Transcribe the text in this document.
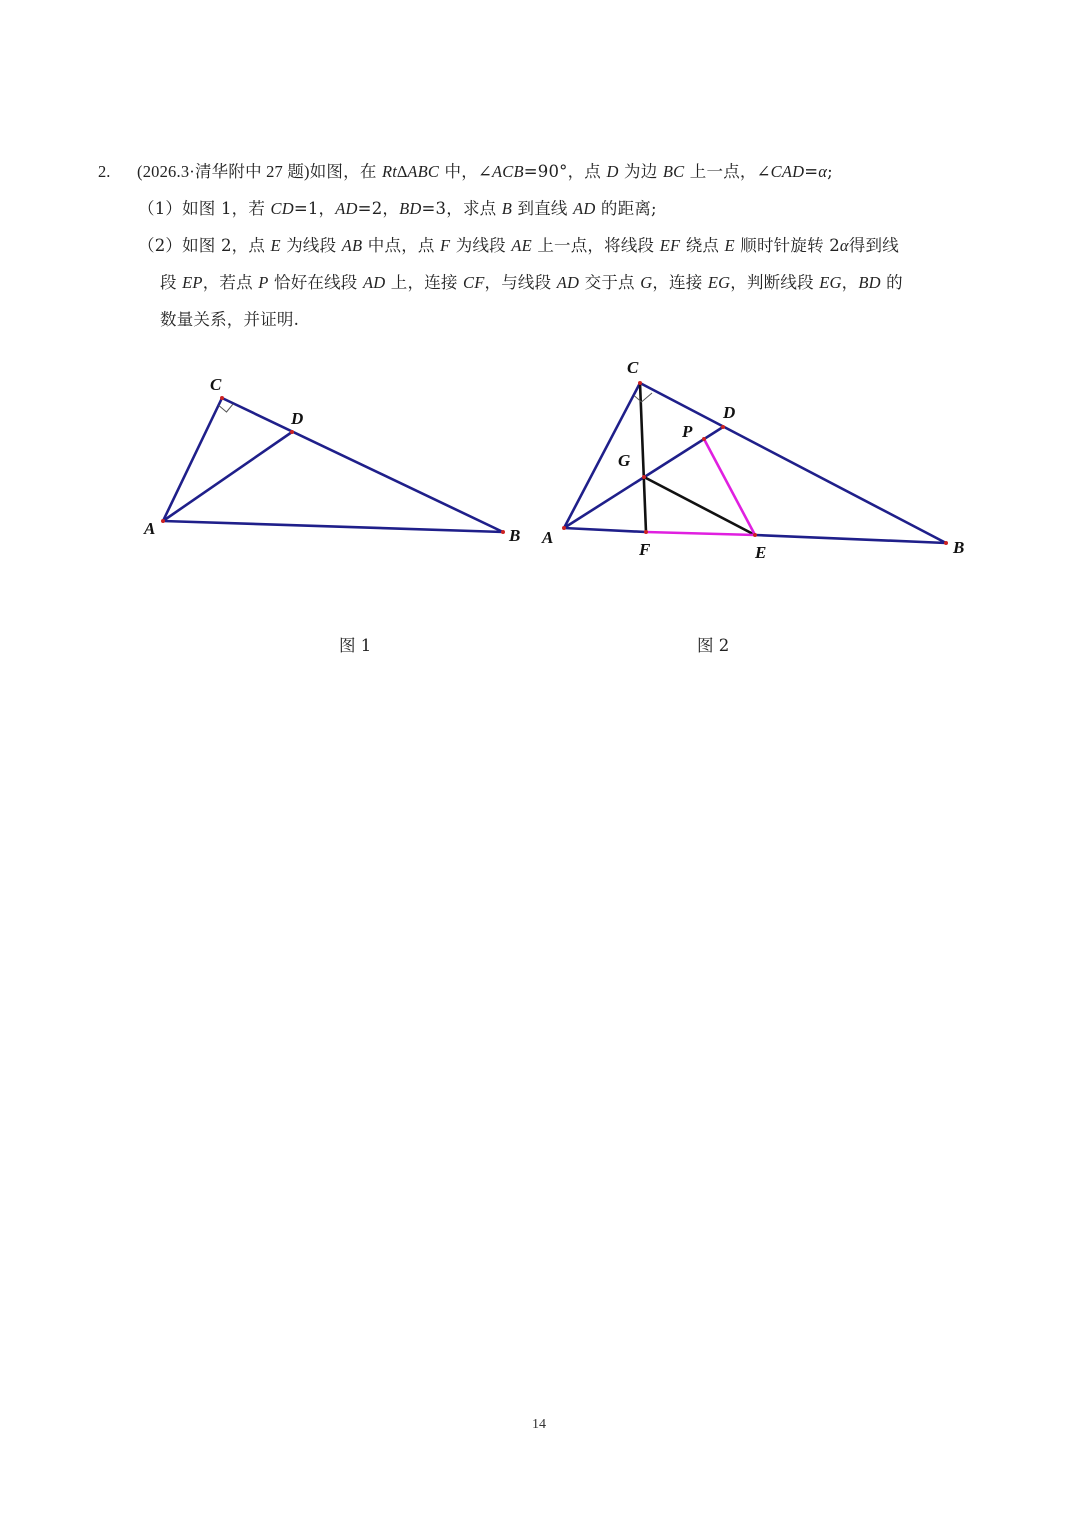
2. (2026.3·清华附中 27 题)如图，在 Rt∆ABC 中，∠ACB=90°，点 D 为边 BC 上一点，∠CAD=α;
（1）如图 1，若 CD=1，AD=2，BD=3，求点 B 到直线 AD 的距离;
（2）如图 2，点 E 为线段 AB 中点，点 F 为线段 AE 上一点，将线段 EF 绕点 E 顺时针旋转 2α得到线
段 EP，若点 P 恰好在线段 AD 上，连接 CF，与线段 AD 交于点 G，连接 EG，判断线段 EG，BD 的
数量关系，并证明.
C
D
A	B
C
D
P
G
A
F	E	B
图 1	图 2
14
